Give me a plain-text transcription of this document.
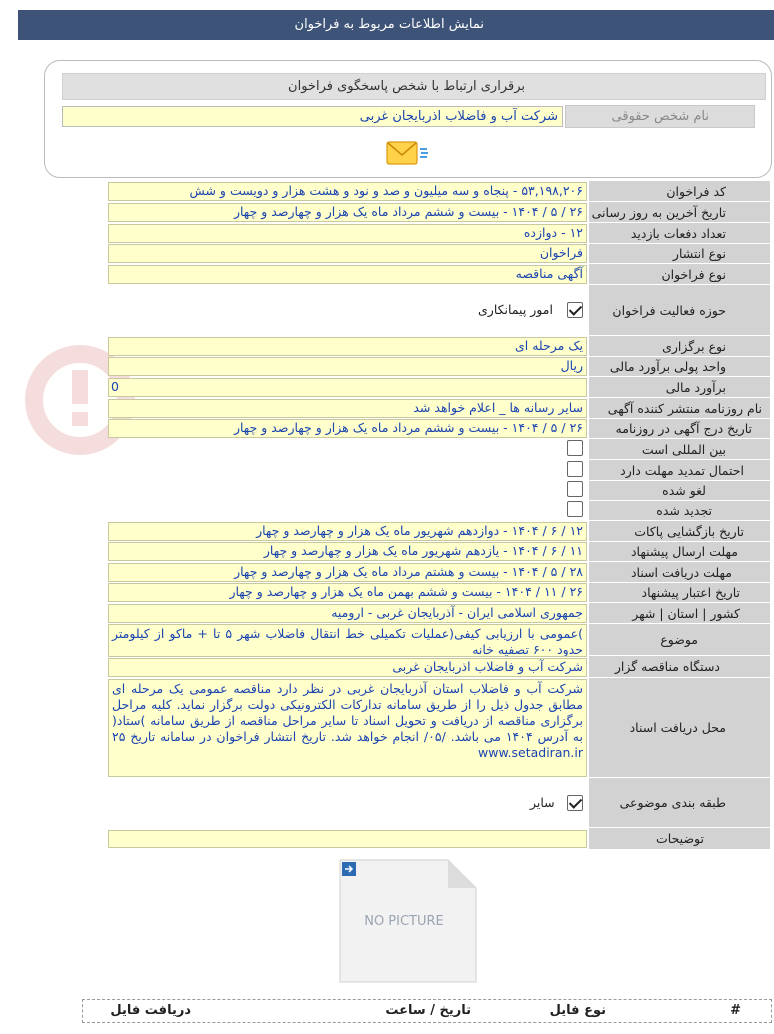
نمایش اطلاعات مربوط به فراخوان
برقراری ارتباط با شخص پاسخگوی فراخوان
نام شخص حقوقی
شرکت آب و فاضلاب اذربایجان غربی
کد فراخوان
۵۳,۱۹۸,۲۰۶ - پنجاه و سه میلیون و صد و نود و هشت هزار و دویست و شش
تاریخ آخرین به روز رسانی
۲۶ / ۵ / ۱۴۰۴ - بیست و ششم مرداد ماه یک هزار و چهارصد و چهار
تعداد دفعات بازدید
۱۲ - دوازده
نوع انتشار
فراخوان
نوع فراخوان
آگهی مناقصه
حوزه فعالیت فراخوان
امور پیمانکاری
نوع برگزاری
یک مرحله ای
واحد پولی برآورد مالی
ریال
برآورد مالی
0
نام روزنامه منتشر کننده آگهی
سایر رسانه ها _ اعلام خواهد شد
تاریخ درج آگهی در روزنامه
۲۶ / ۵ / ۱۴۰۴ - بیست و ششم مرداد ماه یک هزار و چهارصد و چهار
بین المللی است
احتمال تمدید مهلت دارد
لغو شده
تجدید شده
تاریخ بازگشایی پاکات
۱۲ / ۶ / ۱۴۰۴ - دوازدهم شهریور ماه یک هزار و چهارصد و چهار
مهلت ارسال پیشنهاد
۱۱ / ۶ / ۱۴۰۴ - یازدهم شهریور ماه یک هزار و چهارصد و چهار
مهلت دریافت اسناد
۲۸ / ۵ / ۱۴۰۴ - بیست و هشتم مرداد ماه یک هزار و چهارصد و چهار
تاریخ اعتبار پیشنهاد
۲۶ / ۱۱ / ۱۴۰۴ - بیست و ششم بهمن ماه یک هزار و چهارصد و چهار
کشور | استان | شهر
جمهوری اسلامی ایران - آذربایجان غربی - ارومیه
موضوع
)عمومی با ارزیابی کیفی(عملیات تکمیلی خط انتقال فاضلاب شهر ۵ تا + ماکو از کیلومتر حدود ۶۰۰ تصفیه خانه
دستگاه مناقصه گزار
شرکت آب و فاضلاب اذربایجان غربی
محل دریافت اسناد
شرکت آب و فاضلاب استان آذربایجان غربی در نظر دارد مناقصه عمومی یک مرحله ای مطابق جدول ذیل را از طریق سامانه تدارکات الکترونیکی دولت برگزار نماید. کلیه مراحل برگزاری مناقصه از دریافت و تحویل اسناد تا سایر مراحل مناقصه از طریق سامانه )ستاد( به آدرس ۱۴۰۴ می باشد. /۰۵/ انجام خواهد شد. تاریخ انتشار فراخوان در سامانه تاریخ ۲۵ www.setadiran.ir
طبقه بندی موضوعی
سایر
توضیحات
NO PICTURE
#
نوع فایل
تاریخ / ساعت
دریافت فایل
